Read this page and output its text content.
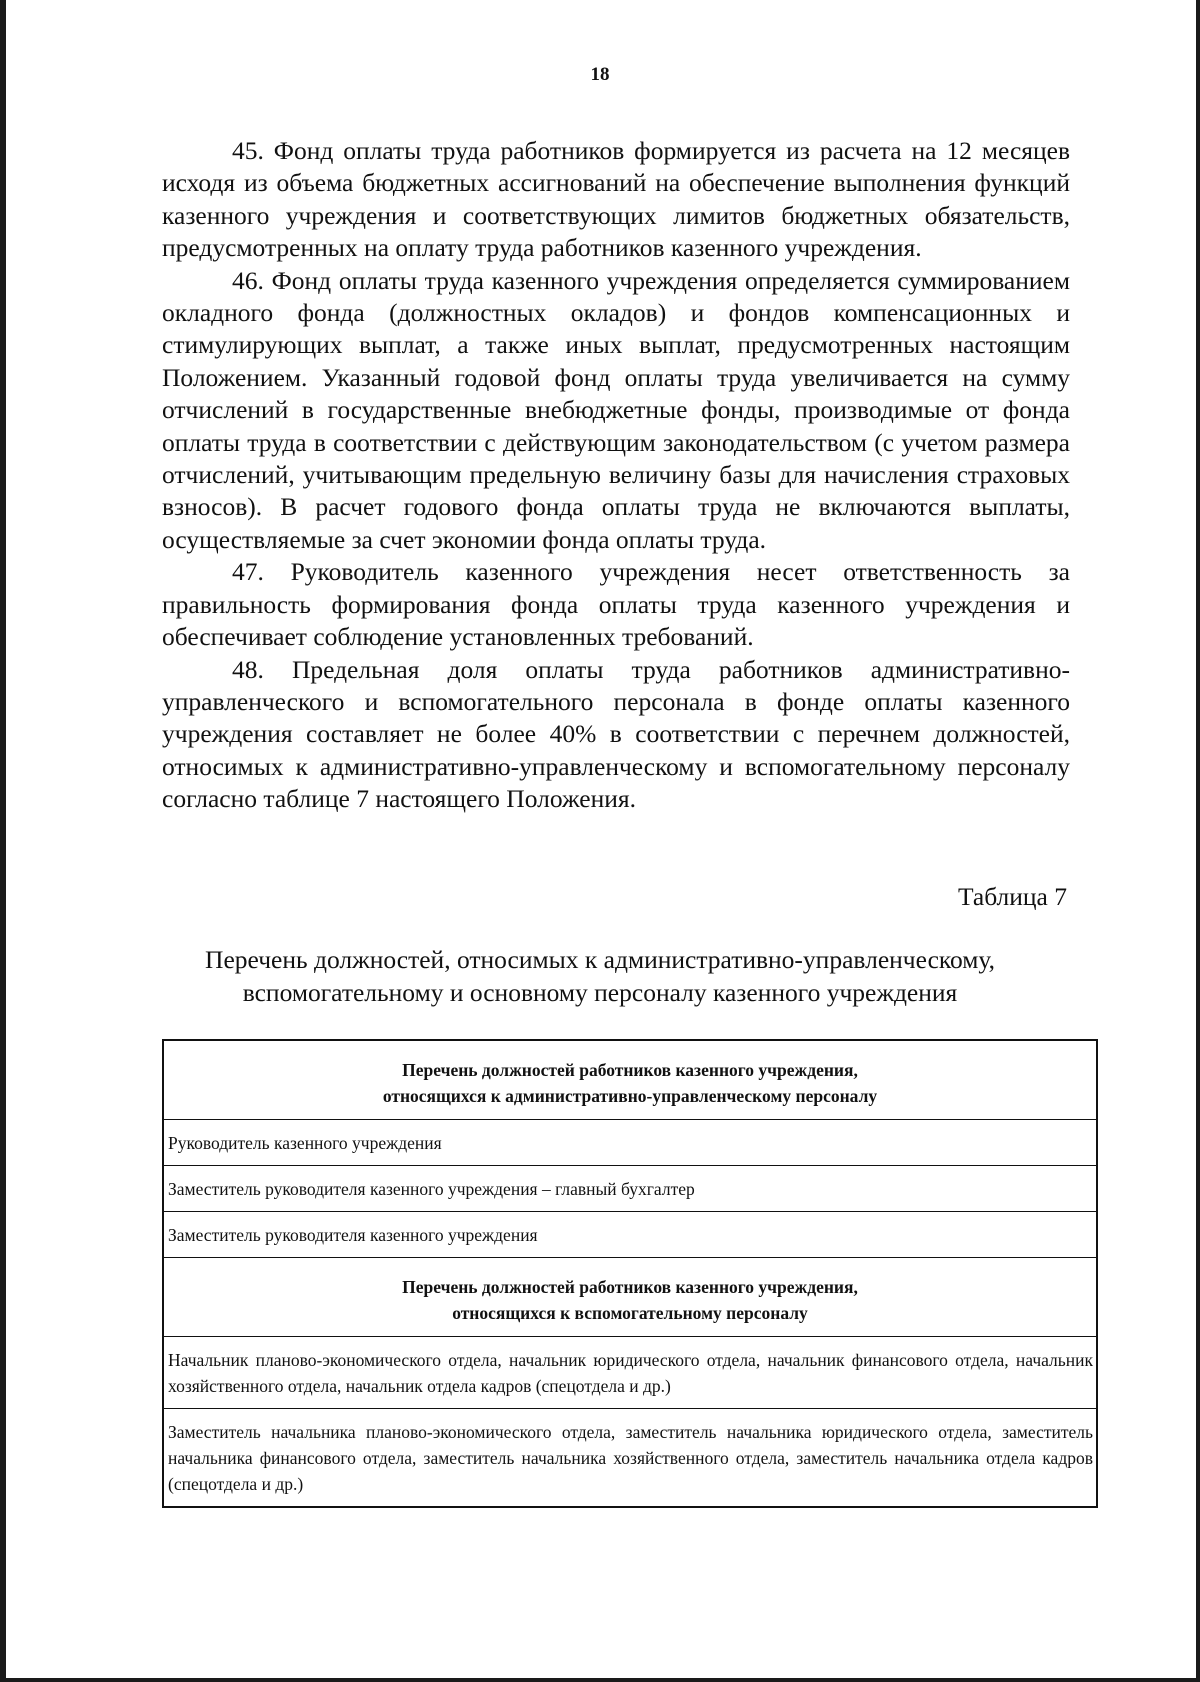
18

45. Фонд оплаты труда работников формируется из расчета на 12 месяцев исходя из объема бюджетных ассигнований на обеспечение выполнения функций казенного учреждения и соответствующих лимитов бюджетных обязательств, предусмотренных на оплату труда работников казенного учреждения.

46. Фонд оплаты труда казенного учреждения определяется суммированием окладного фонда (должностных окладов) и фондов компенсационных и стимулирующих выплат, а также иных выплат, предусмотренных настоящим Положением. Указанный годовой фонд оплаты труда увеличивается на сумму отчислений в государственные внебюджетные фонды, производимые от фонда оплаты труда в соответствии с действующим законодательством (с учетом размера отчислений, учитывающим предельную величину базы для начисления страховых взносов). В расчет годового фонда оплаты труда не включаются выплаты, осуществляемые за счет экономии фонда оплаты труда.

47. Руководитель казенного учреждения несет ответственность за правильность формирования фонда оплаты труда казенного учреждения и обеспечивает соблюдение установленных требований.

48. Предельная доля оплаты труда работников административно-управленческого и вспомогательного персонала в фонде оплаты казенного учреждения составляет не более 40% в соответствии с перечнем должностей, относимых к административно-управленческому и вспомогательному персоналу согласно таблице 7 настоящего Положения.

Таблица 7
Перечень должностей, относимых к административно-управленческому,
вспомогательному и основному персоналу казенного учреждения
Перечень должностей работников казенного учреждения,
относящихся к административно-управленческому персоналу
Руководитель казенного учреждения
Заместитель руководителя казенного учреждения – главный бухгалтер
Заместитель руководителя казенного учреждения
Перечень должностей работников казенного учреждения,
относящихся к вспомогательному персоналу
Начальник планово-экономического отдела, начальник юридического отдела, начальник финансового отдела, начальник хозяйственного отдела, начальник отдела кадров (спецотдела и др.)
Заместитель начальника планово-экономического отдела, заместитель начальника юридического отдела, заместитель начальника финансового отдела, заместитель начальника хозяйственного отдела, заместитель начальника отдела кадров (спецотдела и др.)
